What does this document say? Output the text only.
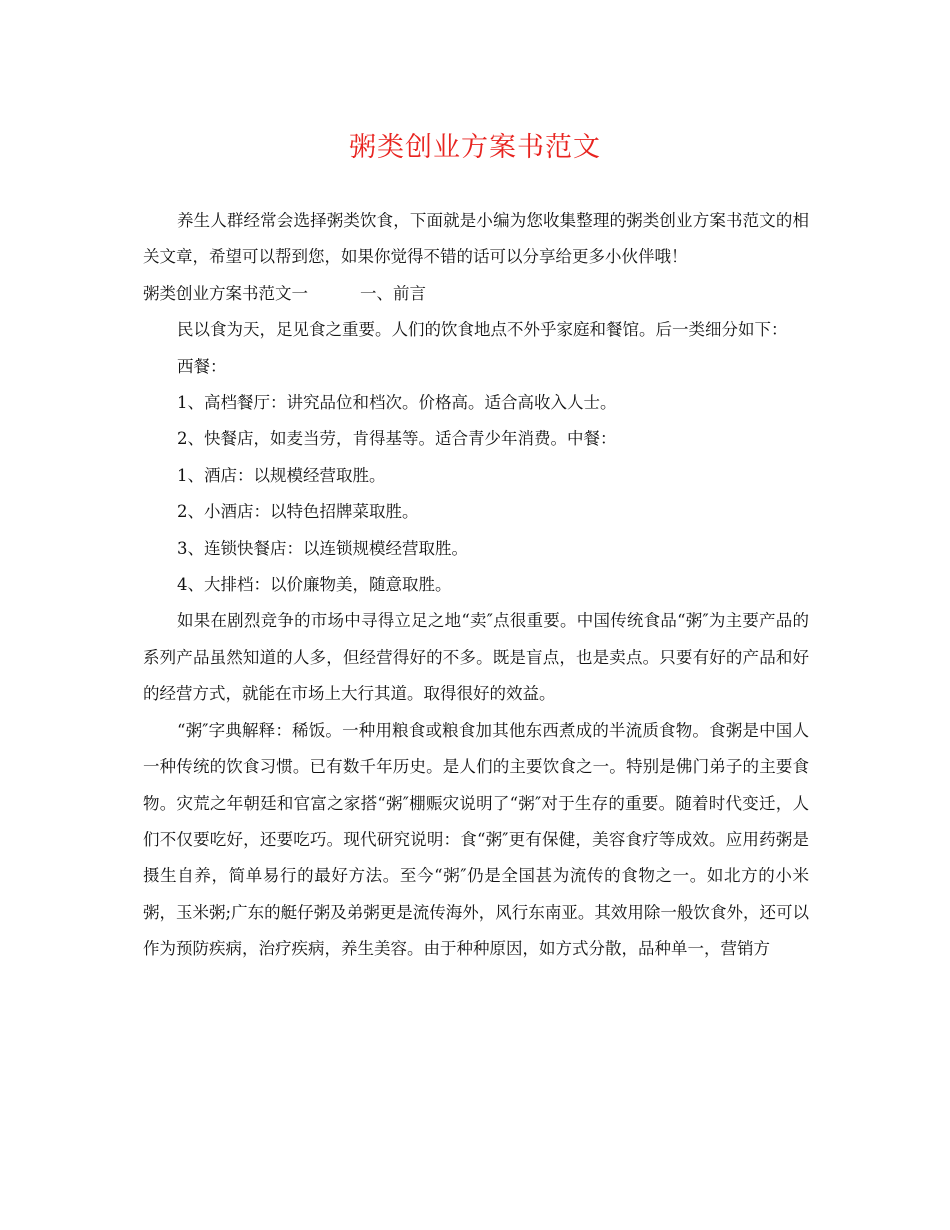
粥类创业方案书范文

养生人群经常会选择粥类饮食，下面就是小编为您收集整理的粥类创业方案书范文的相关文章，希望可以帮到您，如果你觉得不错的话可以分享给更多小伙伴哦！

粥类创业方案书范文一	一、前言

民以食为天，足见食之重要。人们的饮食地点不外乎家庭和餐馆。后一类细分如下：

西餐：

1、高档餐厅：讲究品位和档次。价格高。适合高收入人士。

2、快餐店，如麦当劳，肯得基等。适合青少年消费。中餐：

1、酒店：以规模经营取胜。

2、小酒店：以特色招牌菜取胜。

3、连锁快餐店：以连锁规模经营取胜。

4、大排档：以价廉物美，随意取胜。

如果在剧烈竞争的市场中寻得立足之地“卖″点很重要。中国传统食品“粥″为主要产品的系列产品虽然知道的人多，但经营得好的不多。既是盲点，也是卖点。只要有好的产品和好的经营方式，就能在市场上大行其道。取得很好的效益。

“粥″字典解释：稀饭。一种用粮食或粮食加其他东西煮成的半流质食物。食粥是中国人一种传统的饮食习惯。已有数千年历史。是人们的主要饮食之一。特别是佛门弟子的主要食物。灾荒之年朝廷和官富之家搭“粥″棚赈灾说明了“粥″对于生存的重要。随着时代变迁，人们不仅要吃好，还要吃巧。现代研究说明：食“粥″更有保健，美容食疗等成效。应用药粥是摄生自养，简单易行的最好方法。至今“粥″仍是全国甚为流传的食物之一。如北方的小米粥，玉米粥;广东的艇仔粥及弟粥更是流传海外，风行东南亚。其效用除一般饮食外，还可以作为预防疾病，治疗疾病，养生美容。由于种种原因，如方式分散，品种单一，营销方
